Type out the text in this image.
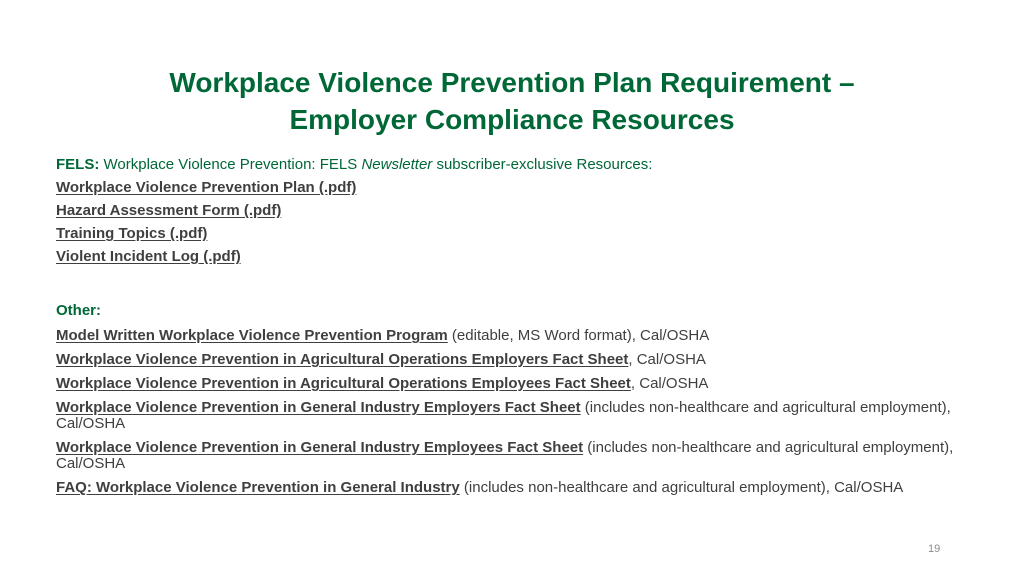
Workplace Violence Prevention Plan Requirement –
Employer Compliance Resources
FELS: Workplace Violence Prevention: FELS Newsletter subscriber-exclusive Resources:
Workplace Violence Prevention Plan (.pdf)
Hazard Assessment Form (.pdf)
Training Topics (.pdf)
Violent Incident Log (.pdf)
Other:
Model Written Workplace Violence Prevention Program (editable, MS Word format), Cal/OSHA
Workplace Violence Prevention in Agricultural Operations Employers Fact Sheet, Cal/OSHA
Workplace Violence Prevention in Agricultural Operations Employees Fact Sheet, Cal/OSHA
Workplace Violence Prevention in General Industry Employers Fact Sheet (includes non-healthcare and agricultural employment), Cal/OSHA
Workplace Violence Prevention in General Industry Employees Fact Sheet (includes non-healthcare and agricultural employment), Cal/OSHA
FAQ: Workplace Violence Prevention in General Industry (includes non-healthcare and agricultural employment), Cal/OSHA
19
